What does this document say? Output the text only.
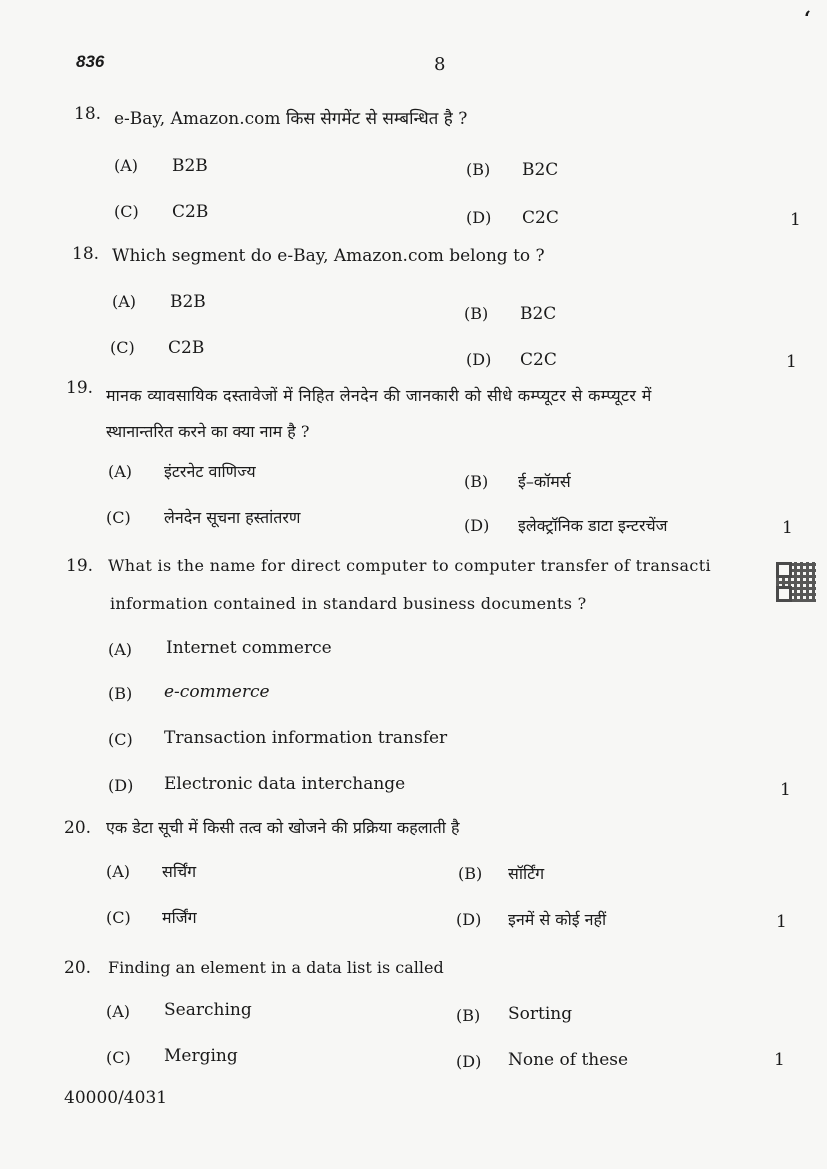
‘
836	8
18. e-Bay, Amazon.com किस सेगमेंट से सम्बन्धित है ?
(A) B2B	(B) B2C
(C) C2B	(D) C2C	1
18. Which segment do e-Bay, Amazon.com belong to ?
(A) B2B
(B) B2C
(C) C2B
(D) C2C	1
19. मानक व्यावसायिक दस्तावेजों में निहित लेनदेन की जानकारी को सीधे कम्प्यूटर से कम्प्यूटर में
स्थानान्तरित करने का क्या नाम है ?
(A) इंटरनेट वाणिज्य
(B) ई–कॉमर्स
(C) लेनदेन सूचना हस्तांतरण	(D) इलेक्ट्रॉनिक डाटा इन्टरचेंज	1
19. What is the name for direct computer to computer transfer of transacti
information contained in standard business documents ?
(A) Internet commerce
(B) e-commerce
(C) Transaction information transfer
(D) Electronic data interchange	1
20. एक डेटा सूची में किसी तत्व को खोजने की प्रक्रिया कहलाती है
(A) सर्चिंग	(B) सॉर्टिंग
(C) मर्जिंग	(D) इनमें से कोई नहीं	1
20. Finding an element in a data list is called
(A) Searching	(B) Sorting
(C) Merging	(D) None of these	1
40000/4031
